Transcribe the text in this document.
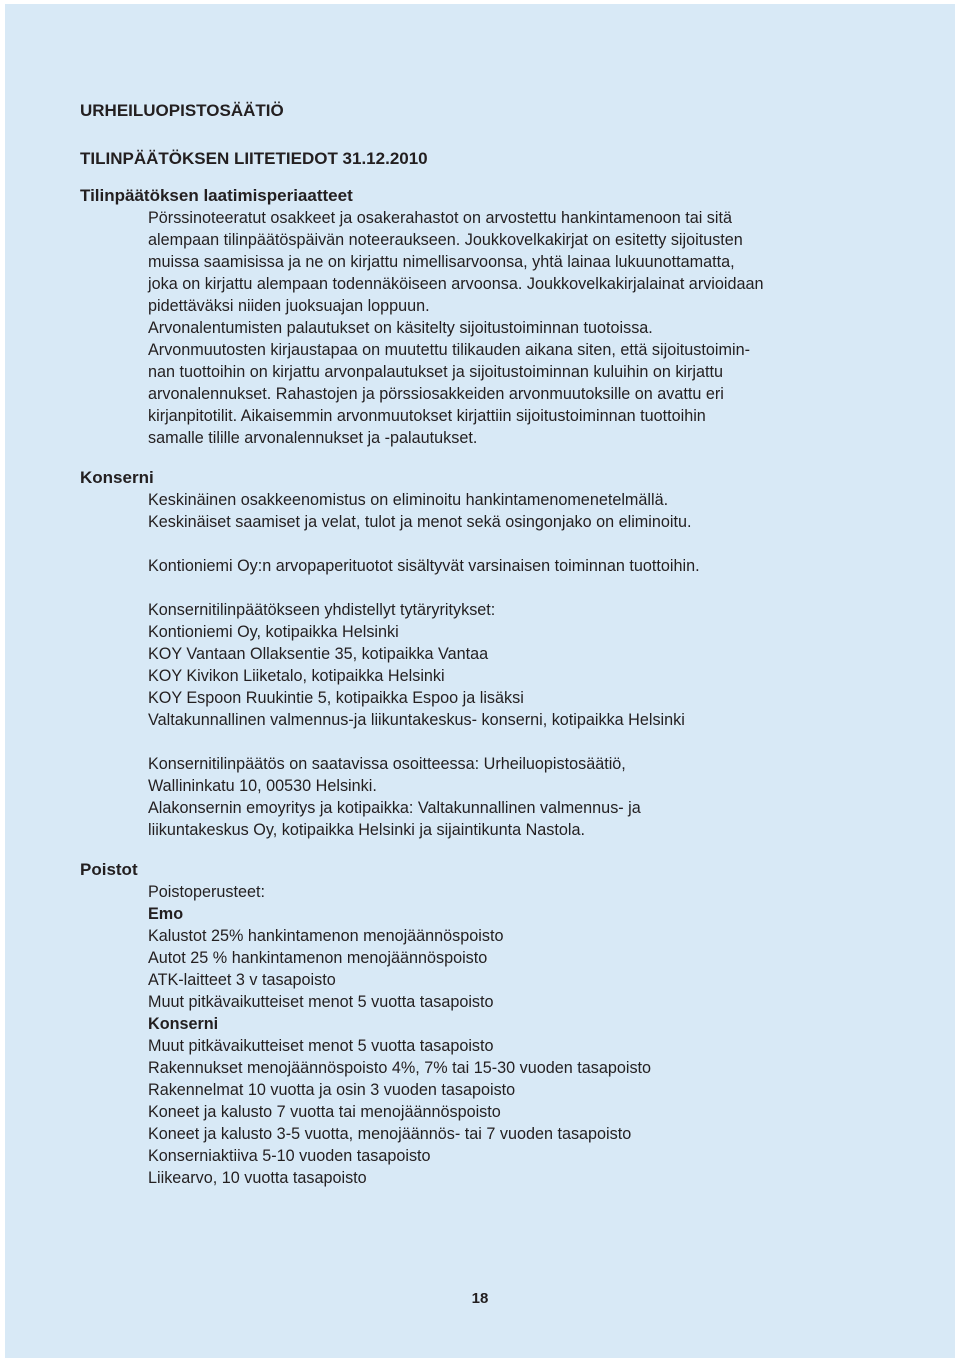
URHEILUOPISTOSÄÄTIÖ
TILINPÄÄTÖKSEN LIITETIEDOT 31.12.2010
Tilinpäätöksen laatimisperiaatteet

Pörssinoteeratut osakkeet ja osakerahastot on arvostettu hankintamenoon tai sitä

alempaan tilinpäätöspäivän noteeraukseen. Joukkovelkakirjat on esitetty sijoitusten

muissa saamisissa ja ne on kirjattu nimellisarvoonsa, yhtä lainaa lukuunottamatta,

joka on kirjattu alempaan todennäköiseen arvoonsa. Joukkovelkakirjalainat arvioidaan

pidettäväksi niiden juoksuajan loppuun.

Arvonalentumisten palautukset on käsitelty sijoitustoiminnan tuotoissa.

Arvonmuutosten kirjaustapaa on muutettu tilikauden aikana siten, että sijoitustoimin-

nan tuottoihin on kirjattu arvonpalautukset ja sijoitustoiminnan kuluihin on kirjattu

arvonalennukset. Rahastojen ja pörssiosakkeiden arvonmuutoksille on avattu eri

kirjanpitotilit. Aikaisemmin arvonmuutokset kirjattiin sijoitustoiminnan tuottoihin

samalle tilille arvonalennukset ja -palautukset.

Konserni

Keskinäinen osakkeenomistus on eliminoitu hankintamenomenetelmällä.

Keskinäiset saamiset ja velat, tulot ja menot sekä osingonjako on eliminoitu.

Kontioniemi Oy:n arvopaperituotot sisältyvät varsinaisen toiminnan tuottoihin.

Konsernitilinpäätökseen yhdistellyt tytäryritykset:

Kontioniemi Oy, kotipaikka Helsinki

KOY Vantaan Ollaksentie 35, kotipaikka Vantaa

KOY Kivikon Liiketalo, kotipaikka Helsinki

KOY Espoon Ruukintie 5, kotipaikka Espoo ja lisäksi

Valtakunnallinen valmennus-ja liikuntakeskus- konserni, kotipaikka Helsinki

Konsernitilinpäätös on saatavissa osoitteessa: Urheiluopistosäätiö,

Wallininkatu 10, 00530 Helsinki.

Alakonsernin emoyritys ja kotipaikka: Valtakunnallinen valmennus- ja

liikuntakeskus Oy, kotipaikka Helsinki ja sijaintikunta Nastola.

Poistot

Poistoperusteet:

Emo

Kalustot 25% hankintamenon menojäännöspoisto

Autot 25 % hankintamenon menojäännöspoisto

ATK-laitteet 3 v tasapoisto

Muut pitkävaikutteiset menot 5 vuotta tasapoisto

Konserni

Muut pitkävaikutteiset menot 5 vuotta tasapoisto

Rakennukset menojäännöspoisto 4%, 7% tai 15-30 vuoden tasapoisto

Rakennelmat 10 vuotta ja osin 3 vuoden tasapoisto

Koneet ja kalusto 7 vuotta tai menojäännöspoisto

Koneet ja kalusto 3-5 vuotta, menojäännös- tai 7 vuoden tasapoisto

Konserniaktiiva 5-10 vuoden tasapoisto

Liikearvo, 10 vuotta tasapoisto

18
